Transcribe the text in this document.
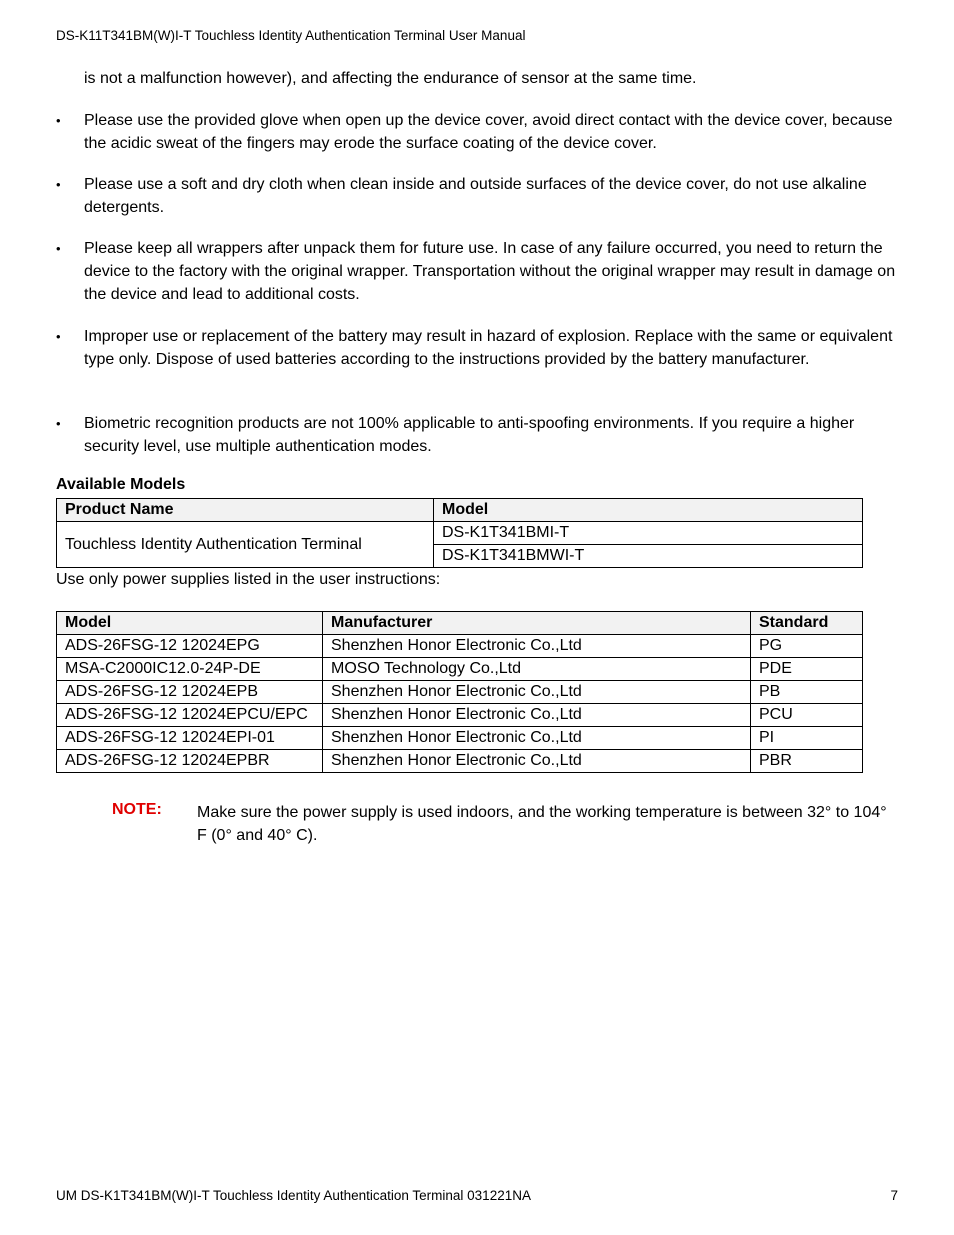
DS-K11T341BM(W)I-T Touchless Identity Authentication Terminal User Manual
is not a malfunction however), and affecting the endurance of sensor at the same time.
• Please use the provided glove when open up the device cover, avoid direct contact with the device cover, because the acidic sweat of the fingers may erode the surface coating of the device cover.
• Please use a soft and dry cloth when clean inside and outside surfaces of the device cover, do not use alkaline detergents.
• Please keep all wrappers after unpack them for future use. In case of any failure occurred, you need to return the device to the factory with the original wrapper. Transportation without the original wrapper may result in damage on the device and lead to additional costs.
• Improper use or replacement of the battery may result in hazard of explosion. Replace with the same or equivalent type only. Dispose of used batteries according to the instructions provided by the battery manufacturer.
• Biometric recognition products are not 100% applicable to anti-spoofing environments. If you require a higher security level, use multiple authentication modes.
Available Models
Product Name	Model
Touchless Identity Authentication Terminal	DS-K1T341BMI-T
	DS-K1T341BMWI-T
Use only power supplies listed in the user instructions:
Model	Manufacturer	Standard
ADS-26FSG-12 12024EPG	Shenzhen Honor Electronic Co.,Ltd	PG
MSA-C2000IC12.0-24P-DE	MOSO Technology Co.,Ltd	PDE
ADS-26FSG-12 12024EPB	Shenzhen Honor Electronic Co.,Ltd	PB
ADS-26FSG-12 12024EPCU/EPC	Shenzhen Honor Electronic Co.,Ltd	PCU
ADS-26FSG-12 12024EPI-01	Shenzhen Honor Electronic Co.,Ltd	PI
ADS-26FSG-12 12024EPBR	Shenzhen Honor Electronic Co.,Ltd	PBR
NOTE: Make sure the power supply is used indoors, and the working temperature is between 32° to 104° F (0° and 40° C).
UM DS-K1T341BM(W)I-T Touchless Identity Authentication Terminal 031221NA	7
